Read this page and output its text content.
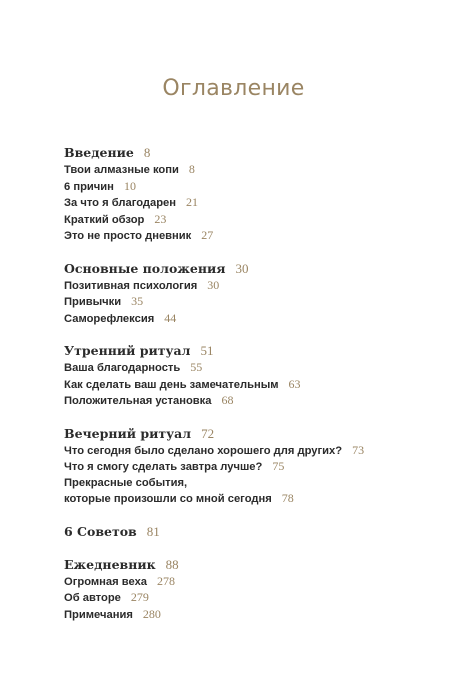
Оглавление
Введение 8
Твои алмазные копи 8
6 причин 10
За что я благодарен 21
Краткий обзор 23
Это не просто дневник 27
Основные положения 30
Позитивная психология 30
Привычки 35
Саморефлексия 44
Утренний ритуал 51
Ваша благодарность 55
Как сделать ваш день замечательным 63
Положительная установка 68
Вечерний ритуал 72
Что сегодня было сделано хорошего для других? 73
Что я смогу сделать завтра лучше? 75
Прекрасные события,
которые произошли со мной сегодня 78
6 Советов 81
Ежедневник 88
Огромная веха 278
Об авторе 279
Примечания 280
